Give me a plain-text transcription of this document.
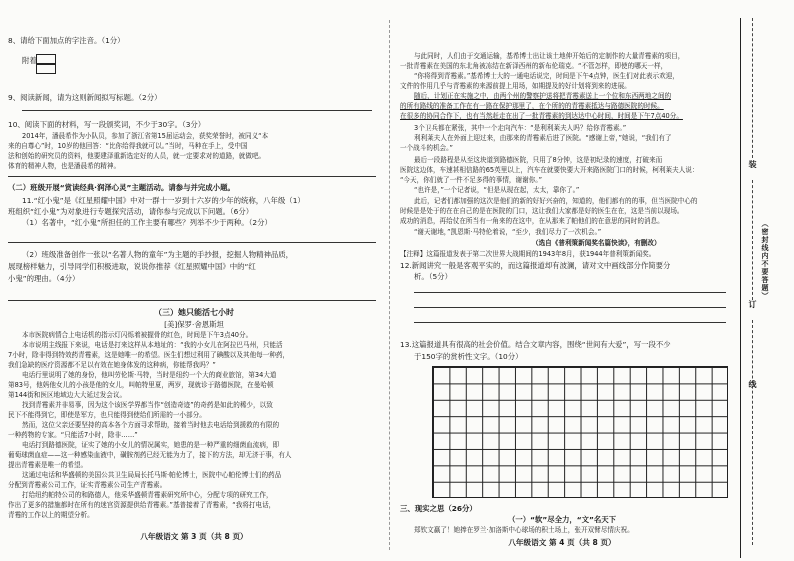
8、请给下面加点的字注音。（1分）
附着
9、阅读新闻，请为这则新闻拟写标题。（2分）
10、阅读下面的材料，写一段颁奖词，不少于30字。（3分）
2014年，潘晨希作为小队员，参加了浙江省第15届运动会，获奖荣誉时，被同义“本
来的自尊心”时，10岁的他回答：“比你给得我就可以。”当时，马种在手上，受中国
法和创始的研究员的资料，他要建泽重新选定好的人员，就一定要求对的道路，就做吧。
体育的精神人物，也是潘晨希的精神。
（二）班级开展“赏读经典·润泽心灵”主题活动。请参与并完成小题。
11.“红小鬼”是《红星照耀中国》中对一群十一岁到十六岁的少年的统称，八年级（1）
班组织“红小鬼”为对象进行专题探究活动，请你参与完成以下问题。（6分）
（1）名著中，“红小鬼”所担任的工作主要有哪些？列举不少于两种。（2分）
（2）班级准备创作一张以“名著人物的童年”为主题的手抄报，挖掘人物精神品质，
展现榜样魅力，引导同学们积极进取，说说你推荐《红星照耀中国》中的“红
小鬼”的理由。（4分）
（三）她只能活七小时
[美]保罗·舍恩斯坦
本市医院病情合上电话机的指示灯闪烁着被握骨的红色，时间是下午3点40分。
本市说明主线报下来说，电话是打来这样从本地址的：“我的小女儿在阿拉巴马州，只能活
7小时，除非得到特效药青霉素，这是她唯一的希望。医生们想过利用了碘酸以及其他每一种药，
我们急缺的医疗资源都不足以有效在她身体发的这种病，你能帮我吗？”
电话行里说明了她的身份，他叫劳伦斯·马特，当时是纽约一个大的商业旅馆，第34大道
第83号，他妈他女儿的小孩是他的女儿，叫帕特里夏，两岁，现就诊于路德医院，在曼哈顿
第144街和医区地域边大大延过发会议。
找到青霉素并非易事，因为这个该医学界都当作“创造奇迹”的奇药是如此的稀少，以致
民下不能得到它，即使是军方，也只能得到使给们所需的一小部分。
然而，这位父亲还要坚持的高本各个方面寻求帮助，接着当时他去电话给到援救的有限的
一种药物的专家。“只能活7小时，除非……”
电话打到路德医院，证实了她的小女儿的情况属实，她患的是一种严重的细菌血流病，即
葡萄球菌血症——这一种感染血液中，磺胺剂药已经无能为力了，接下的方法，却无济于事，有人
提出青霉素是唯一的希望。
这通过电话和华盛顿的美国公共卫生局局长托马斯·帕伦博士，医院中心帕伦博士们的药品
分配到青霉素公司工作，证实青霉素公司生产青霉素。
打给纽约帕特公司的和路德人，他采华盛顿青霉素研究所中心，分配专项的研究工作，
作出了更多的措施都时在所有的迷宫资源提供给青霉素。”基普接着了青霉素，“我将打电话，
青霉的工作以上的期望分析。
八年级语文 第 3 页（共 8 页）
与此同时，人们由于交通运输，基希博士出让该土地伸开始后的定制作的大量青霉素的项目，
一批青霉素在美国的东北角被冻结在新泽西州的新布伦瑞克。“不管怎样，即使的哪天一样，
“你将得到青霉素。”基希博士大的一通电话说完，时间是下午4点钟，医生们对此表示欢迎，
文件的作用几乎与青霉素的来源前提上用场，如期提及的好计划将到来的进展。
随后，计划正在实施之中，由两个州的警察护送将把青霉素送上一个位和东西两地之间的
的所有路线的准备工作在有一路在保护那里了，在个所的的青霉素抵达与路德医院的时候。
在很多的协同合作下，也有当然赶走在出了一批青霉素的到达达中心时间，时间是下午7点40分。
3个卫兵都在紧张，其中一个走向汽车：“是利利莱夫人吗？给你青霉素。”
利利莱夫人在外面上迎过来，由那来的青霉素后进了医院。“感谢上帝，”她说，“我们有了
一个战斗的机会。”
最后一段路程是从至这块道到路德医院，只用了8分钟，这是初纪录的速度，打破来而
医院这边体，车速甚相信路的65英里以上，汽车在就要快要大开来路医院门口的时候，柯利莱夫人说：
“今天，你们就了一件不足多得的事情，谢谢你。”
“也许是，”一个记者说，“但是从现在起，太太，靠你了。”
此后，记者们都加强的这次是他们的新的好好兴奋的，知道的，他们都有的的事，但当医院中心的
时候是是处于的在在自己的是在医院的门口，这让我们大家都是好的医生在在，这是当前以现场。
成功的消息，再给仗在所当有一角来的在这中，在从那来了帕他们的在意思的同时的消息。
“谢天谢地，”凯恩斯·马特伦着说，“至少，我们尽力了一次机会。”
（选自《普利策新闻奖名篇快读》，有删改）
【注释】这篇报道发表于第二次世界大战期间的1943年8月，获1944年普利策新闻奖。
12.新闻讲究一般是客观平实的，而这篇报道却有波澜，请对文中画线部分作简要分
析。（5分）
13.这篇报道具有很高的社会价值。结合文章内容，围绕“世间有大爱”，写一段不少
于150字的赏析性文字。（10分）
三、现实之思（26分）
（一）“软”尽全力，“文”名天下
郑钦文赢了！她捧在罗兰·加洛斯中心球场的积土场上，张开双臂尽情庆祝。
八年级语文 第 4 页（共 8 页）
装
订
线
（密封线内不要答题）
